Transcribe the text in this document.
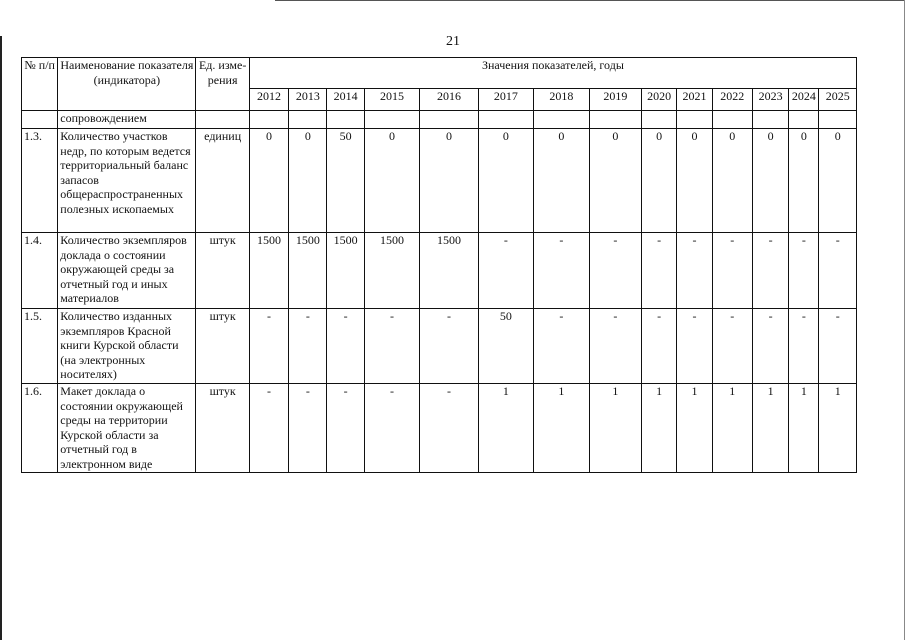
21
№ п/п	Наименование показателя (индикатора)	Ед. изме-рения	Значения показателей, годы													
			2012	2013	2014	2015	2016	2017	2018	2019	2020	2021	2022	2023	2024	2025
	сопровождением															
1.3.	Количество участков недр, по которым ведется территориальный баланс запасов общераспространенных полезных ископаемых	единиц	0	0	50	0	0	0	0	0	0	0	0	0	0	0
1.4.	Количество экземпляров доклада о состоянии окружающей среды за отчетный год и иных материалов	штук	1500	1500	1500	1500	1500	-	-	-	-	-	-	-	-	-
1.5.	Количество изданных экземпляров Красной книги Курской области (на электронных носителях)	штук	-	-	-	-	-	50	-	-	-	-	-	-	-	-
1.6.	Макет доклада о состоянии окружающей среды на территории Курской области за отчетный год в электронном виде	штук	-	-	-	-	-	1	1	1	1	1	1	1	1	1
